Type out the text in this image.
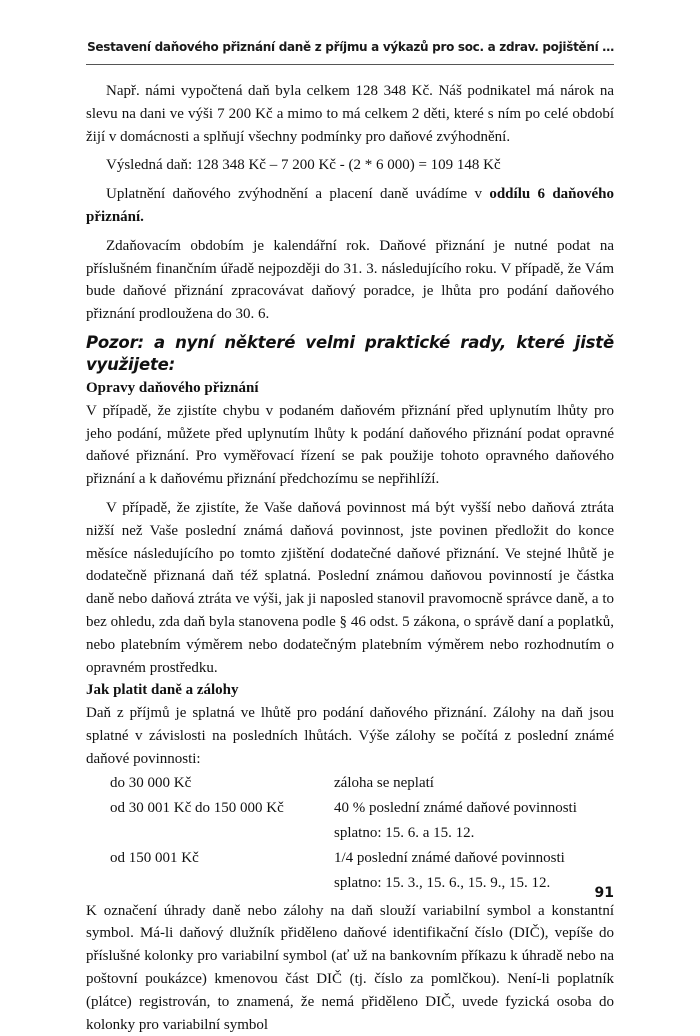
Sestavení daňového přiznání daně z příjmu a výkazů pro soc. a zdrav. pojištění …

Např. námi vypočtená daň byla celkem 128 348 Kč. Náš podnikatel má nárok na slevu na dani ve výši 7 200 Kč a mimo to má celkem 2 děti, které s ním po celé období žijí v domácnosti a splňují všechny podmínky pro daňové zvýhodnění.

Výsledná daň: 128 348 Kč – 7 200 Kč - (2 * 6 000) = 109 148 Kč

Uplatnění daňového zvýhodnění a placení daně uvádíme v oddílu 6 daňového přiznání.

Zdaňovacím obdobím je kalendářní rok. Daňové přiznání je nutné podat na příslušném finančním úřadě nejpozději do 31. 3. následujícího roku. V případě, že Vám bude daňové přiznání zpracovávat daňový poradce, je lhůta pro podání daňového přiznání prodloužena do 30. 6.

Pozor: a nyní některé velmi praktické rady, které jistě využijete:
Opravy daňového přiznání

V případě, že zjistíte chybu v podaném daňovém přiznání před uplynutím lhůty pro jeho podání, můžete před uplynutím lhůty k podání daňového přiznání podat opravné daňové přiznání. Pro vyměřovací řízení se pak použije tohoto opravného daňového přiznání a k daňovému přiznání předchozímu se nepřihlíží.

V případě, že zjistíte, že Vaše daňová povinnost má být vyšší nebo daňová ztráta nižší než Vaše poslední známá daňová povinnost, jste povinen předložit do konce měsíce následujícího po tomto zjištění dodatečné daňové přiznání. Ve stejné lhůtě je dodatečně přiznaná daň též splatná. Poslední známou daňovou povinností je částka daně nebo daňová ztráta ve výši, jak ji naposled stanovil pravomocně správce daně, a to bez ohledu, zda daň byla stanovena podle § 46 odst. 5 zákona, o správě daní a poplatků, nebo platebním výměrem nebo dodatečným platebním výměrem nebo rozhodnutím o opravném prostředku.

Jak platit daně a zálohy

Daň z příjmů je splatná ve lhůtě pro podání daňového přiznání. Zálohy na daň jsou splatné v závislosti na posledních lhůtách. Výše zálohy se počítá z poslední známé daňové povinnosti:

do 30 000 Kč	záloha se neplatí
od 30 001 Kč do 150 000 Kč	40 % poslední známé daňové povinnosti
splatno: 15. 6. a 15. 12.
od 150 001 Kč	1/4 poslední známé daňové povinnosti
splatno: 15. 3., 15. 6., 15. 9., 15. 12.

K označení úhrady daně nebo zálohy na daň slouží variabilní symbol a konstantní symbol. Má-li daňový dlužník přiděleno daňové identifikační číslo (DIČ), vepíše do příslušné kolonky pro variabilní symbol (ať už na bankovním příkazu k úhradě nebo na poštovní poukázce) kmenovou část DIČ (tj. číslo za pomlčkou). Není-li poplatník (plátce) registrován, to znamená, že nemá přiděleno DIČ, uvede fyzická osoba do kolonky pro variabilní symbol

91
